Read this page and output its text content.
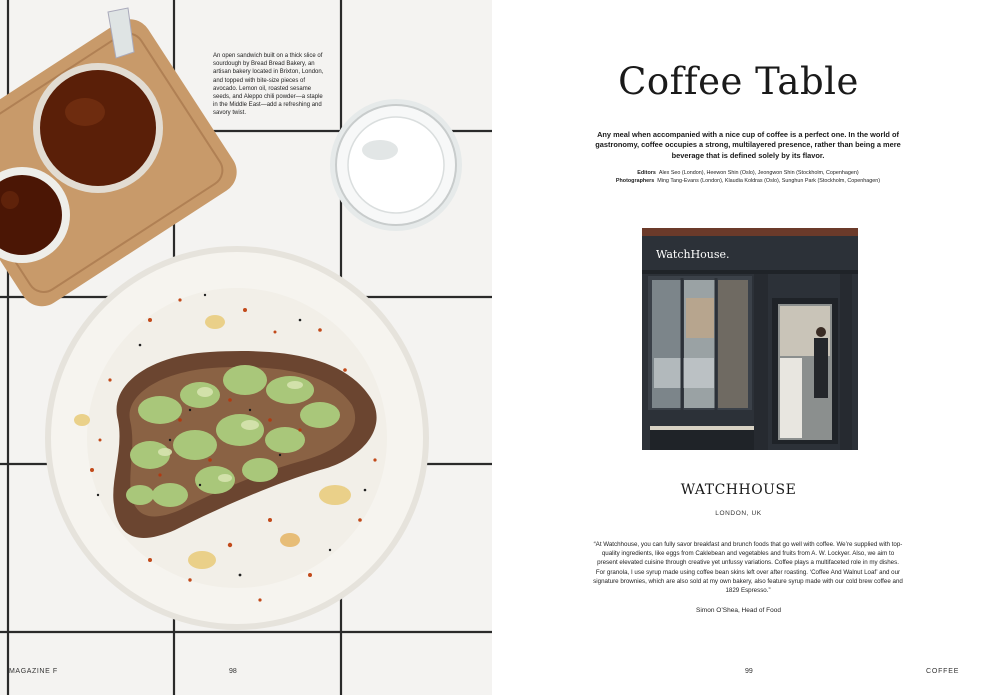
An open sandwich built on a thick slice of sourdough by Bread Bread Bakery, an artisan bakery located in Brixton, London, and topped with bite-size pieces of avocado. Lemon oil, roasted sesame seeds, and Aleppo chili powder—a staple in the Middle East—add a refreshing and savory twist.
MAGAZINE F	98
Coffee Table
Any meal when accompanied with a nice cup of coffee is a perfect one. In the world of gastronomy, coffee occupies a strong, multilayered presence, rather than being a mere beverage that is defined solely by its flavor.
Editors Alex Seo (London), Heewon Shin (Oslo), Jeongwon Shin (Stockholm, Copenhagen)
Photographers Ming Tang-Evans (London), Klaudia Koldras (Oslo), Sunghun Park (Stockholm, Copenhagen)
WatchHouse.
WATCHHOUSE
LONDON, UK
“At Watchhouse, you can fully savor breakfast and brunch foods that go well with coffee. We’re supplied with top-quality ingredients, like eggs from Caklebean and vegetables and fruits from A. W. Lockyer. Also, we aim to present elevated cuisine through creative yet unfussy variations. Coffee plays a multifaceted role in my dishes. For granola, I use syrup made using coffee bean skins left over after roasting. ‘Coffee And Walnut Loaf’ and our signature brownies, which are also sold at my own bakery, also feature syrup made with our cold brew coffee and 1829 Espresso.”
Simon O’Shea, Head of Food
99	COFFEE
